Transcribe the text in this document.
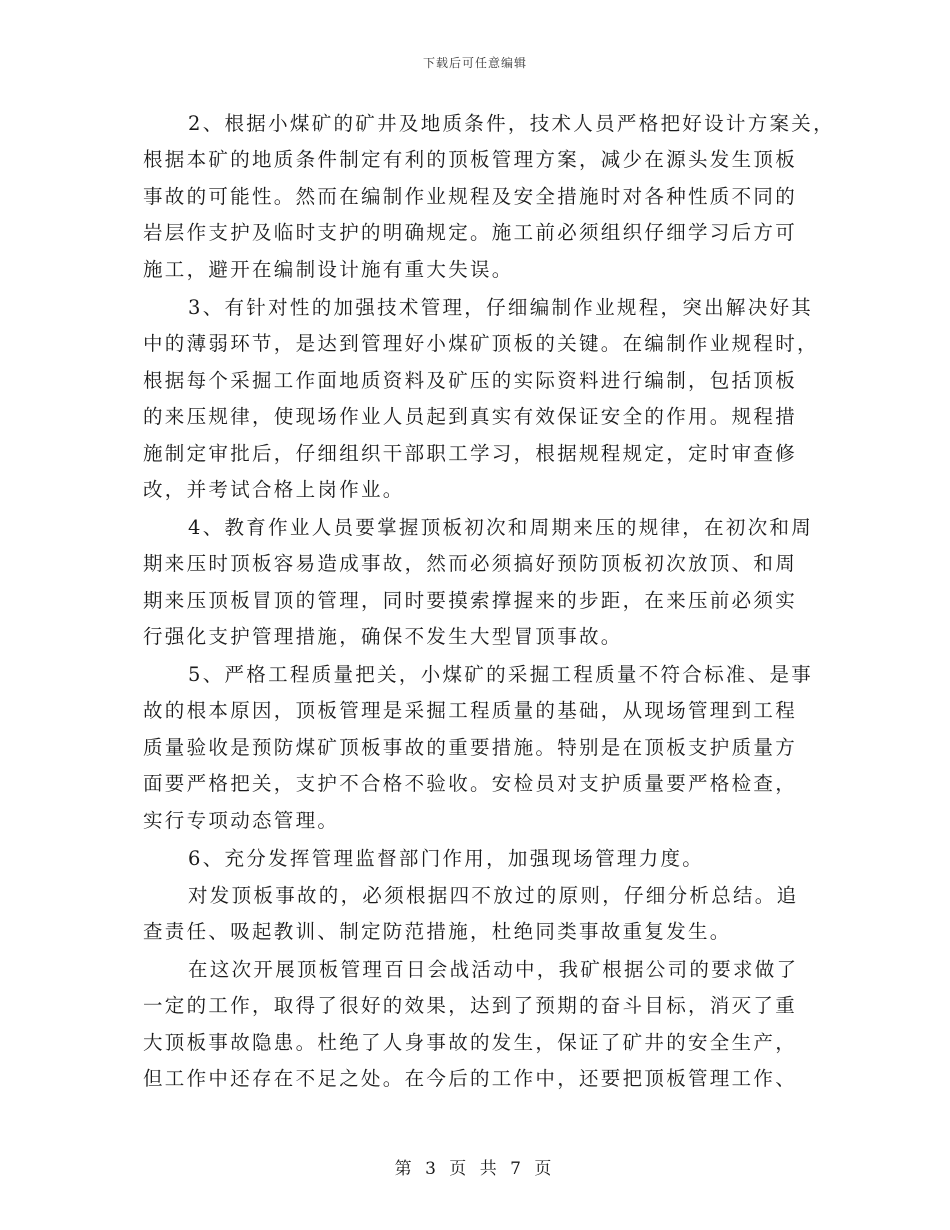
下载后可任意编辑
2、根据小煤矿的矿井及地质条件，技术人员严格把好设计方案关，
根据本矿的地质条件制定有利的顶板管理方案，减少在源头发生顶板
事故的可能性。然而在编制作业规程及安全措施时对各种性质不同的
岩层作支护及临时支护的明确规定。施工前必须组织仔细学习后方可
施工，避开在编制设计施有重大失误。
3、有针对性的加强技术管理，仔细编制作业规程，突出解决好其
中的薄弱环节，是达到管理好小煤矿顶板的关键。在编制作业规程时，
根据每个采掘工作面地质资料及矿压的实际资料进行编制，包括顶板
的来压规律，使现场作业人员起到真实有效保证安全的作用。规程措
施制定审批后，仔细组织干部职工学习，根据规程规定，定时审查修
改，并考试合格上岗作业。
4、教育作业人员要掌握顶板初次和周期来压的规律，在初次和周
期来压时顶板容易造成事故，然而必须搞好预防顶板初次放顶、和周
期来压顶板冒顶的管理，同时要摸索撑握来的步距，在来压前必须实
行强化支护管理措施，确保不发生大型冒顶事故。
5、严格工程质量把关，小煤矿的采掘工程质量不符合标准、是事
故的根本原因，顶板管理是采掘工程质量的基础，从现场管理到工程
质量验收是预防煤矿顶板事故的重要措施。特别是在顶板支护质量方
面要严格把关，支护不合格不验收。安检员对支护质量要严格检查，
实行专项动态管理。
6、充分发挥管理监督部门作用，加强现场管理力度。
对发顶板事故的，必须根据四不放过的原则，仔细分析总结。追
查责任、吸起教训、制定防范措施，杜绝同类事故重复发生。
在这次开展顶板管理百日会战活动中，我矿根据公司的要求做了
一定的工作，取得了很好的效果，达到了预期的奋斗目标，消灭了重
大顶板事故隐患。杜绝了人身事故的发生，保证了矿井的安全生产，
但工作中还存在不足之处。在今后的工作中，还要把顶板管理工作、
第 3 页 共 7 页
